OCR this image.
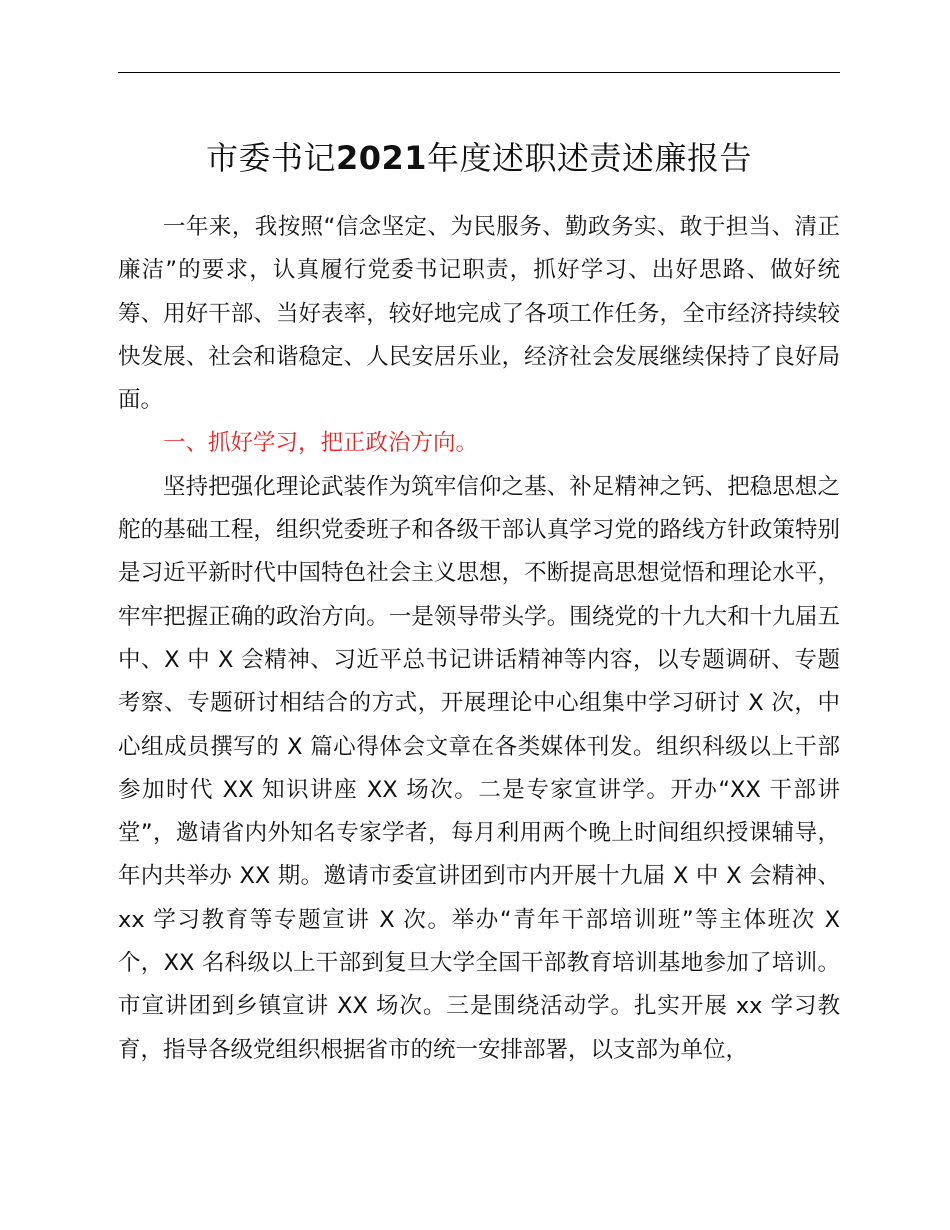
市委书记2021年度述职述责述廉报告

一年来，我按照“信念坚定、为民服务、勤政务实、敢于担当、清正廉洁”的要求，认真履行党委书记职责，抓好学习、出好思路、做好统筹、用好干部、当好表率，较好地完成了各项工作任务，全市经济持续较快发展、社会和谐稳定、人民安居乐业，经济社会发展继续保持了良好局面。

一、抓好学习，把正政治方向。

坚持把强化理论武装作为筑牢信仰之基、补足精神之钙、把稳思想之舵的基础工程，组织党委班子和各级干部认真学习党的路线方针政策特别是习近平新时代中国特色社会主义思想，不断提高思想觉悟和理论水平，牢牢把握正确的政治方向。一是领导带头学。围绕党的十九大和十九届五中、X 中 X 会精神、习近平总书记讲话精神等内容，以专题调研、专题考察、专题研讨相结合的方式，开展理论中心组集中学习研讨 X 次，中心组成员撰写的 X 篇心得体会文章在各类媒体刊发。组织科级以上干部参加时代 XX 知识讲座 XX 场次。二是专家宣讲学。开办“XX 干部讲堂”，邀请省内外知名专家学者，每月利用两个晚上时间组织授课辅导，年内共举办 XX 期。邀请市委宣讲团到市内开展十九届 X 中 X 会精神、xx 学习教育等专题宣讲 X 次。举办“青年干部培训班”等主体班次 X 个，XX 名科级以上干部到复旦大学全国干部教育培训基地参加了培训。市宣讲团到乡镇宣讲 XX 场次。三是围绕活动学。扎实开展 xx 学习教育，指导各级党组织根据省市的统一安排部署，以支部为单位，
